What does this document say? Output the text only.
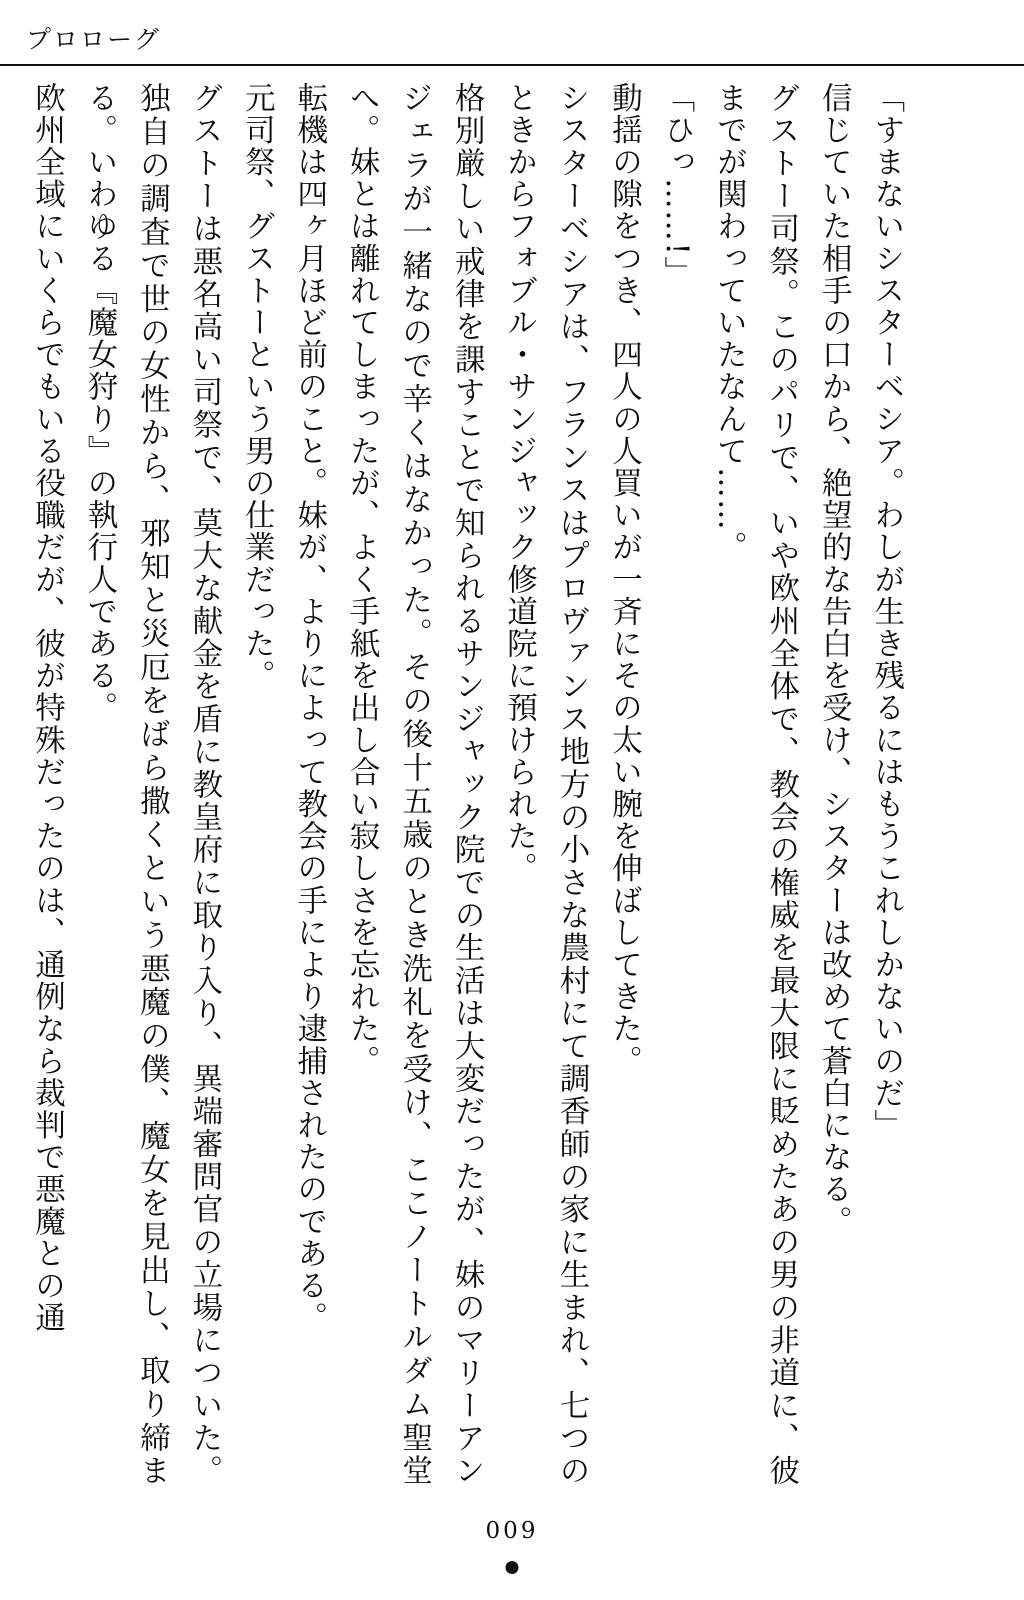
プロローグ

「すまないシスターベシア。わしが生き残るにはもうこれしかないのだ」

信じていた相手の口から、絶望的な告白を受け、シスターは改めて蒼白になる。

グストー司祭。このパリで、いや欧州全体で、教会の権威を最大限に貶めたあの男の非道に、彼までが関わっていたなんて……。

「ひっ……!」

動揺の隙をつき、四人の人買いが一斉にその太い腕を伸ばしてきた。

シスターベシアは、フランスはプロヴァンス地方の小さな農村にて調香師の家に生まれ、七つのときからフォブル・サンジャック修道院に預けられた。

格別厳しい戒律を課すことで知られるサンジャック院での生活は大変だったが、妹のマリーアンジェラが一緒なので辛くはなかった。その後十五歳のとき洗礼を受け、ここノートルダム聖堂へ。妹とは離れてしまったが、よく手紙を出し合い寂しさを忘れた。

転機は四ヶ月ほど前のこと。妹が、よりによって教会の手により逮捕されたのである。

元司祭、グストーという男の仕業だった。

グストーは悪名高い司祭で、莫大な献金を盾に教皇府に取り入り、異端審問官の立場についた。独自の調査で世の女性から、邪知と災厄をばら撒くという悪魔の僕、魔女を見出し、取り締まる。いわゆる『魔女狩り』の執行人である。

欧州全域にいくらでもいる役職だが、彼が特殊だったのは、通例なら裁判で悪魔との通

009
